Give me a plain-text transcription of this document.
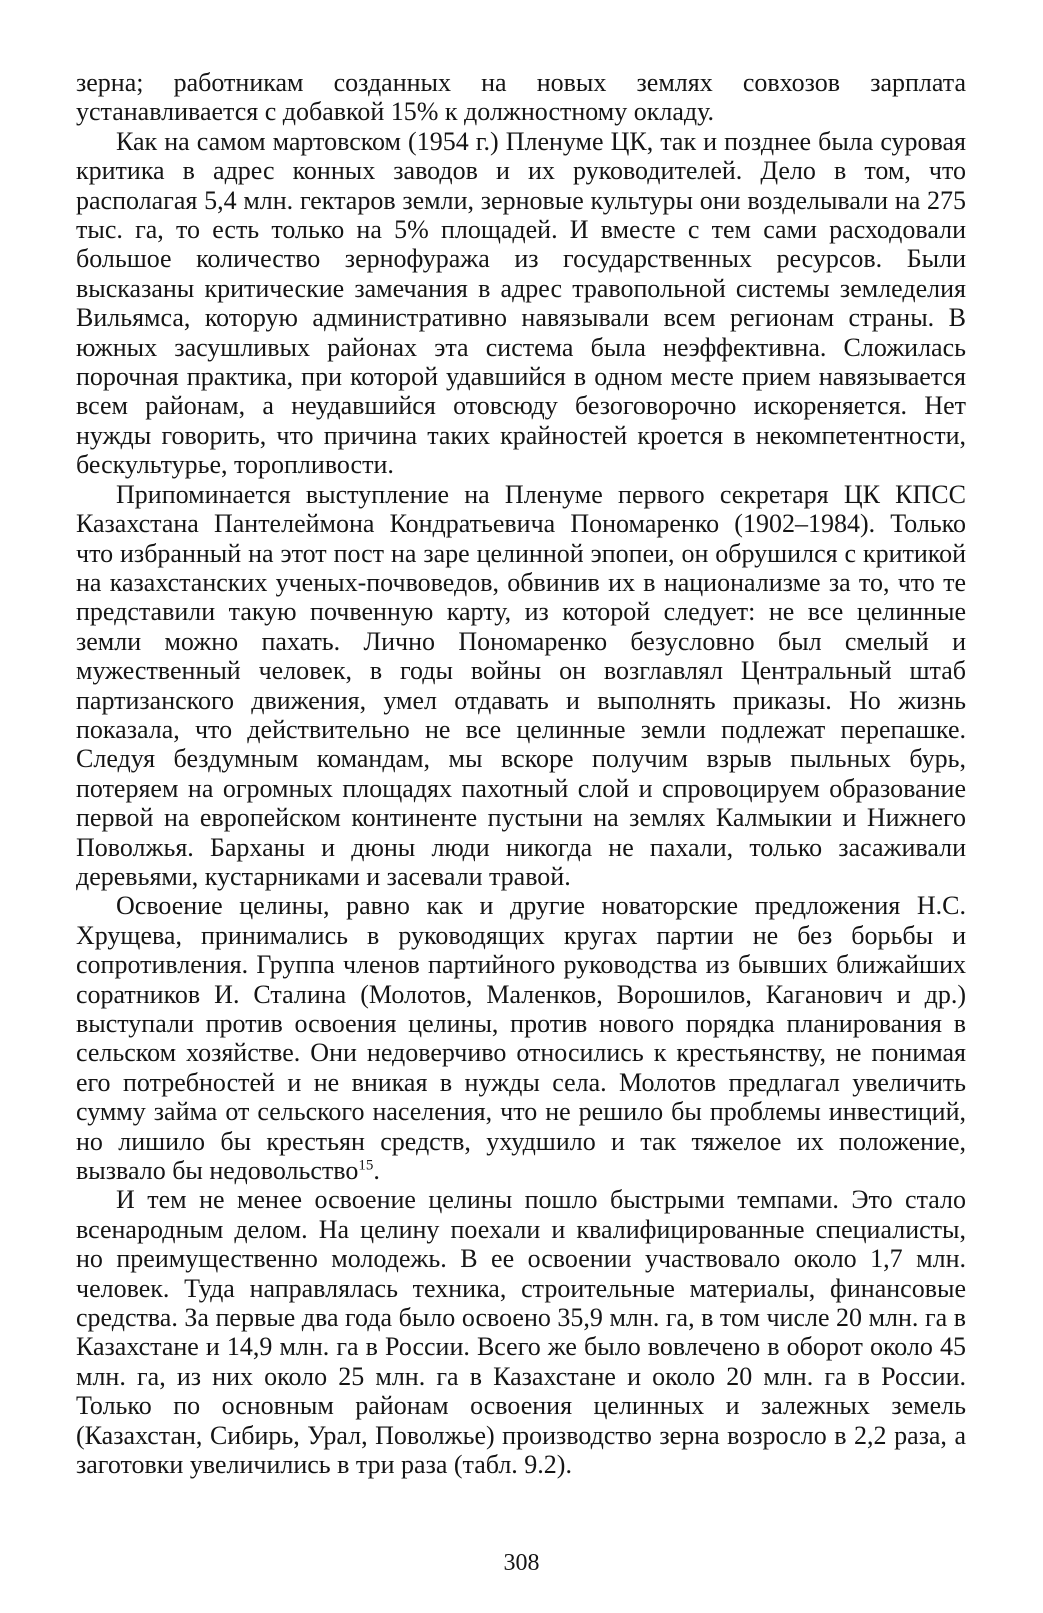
зерна; работникам созданных на новых землях совхозов зарплата устанавливается с добавкой 15% к должностному окладу.

Как на самом мартовском (1954 г.) Пленуме ЦК, так и позднее была суровая критика в адрес конных заводов и их руководителей. Дело в том, что располагая 5,4 млн. гектаров земли, зерновые культуры они возделывали на 275 тыс. га, то есть только на 5% площадей. И вместе с тем сами расходовали большое количество зернофуража из государственных ресурсов. Были высказаны критические замечания в адрес травопольной системы земледелия Вильямса, которую административно навязывали всем регионам страны. В южных засушливых районах эта система была неэффективна. Сложилась порочная практика, при которой удавшийся в одном месте прием навязывается всем районам, а неудавшийся отовсюду безоговорочно искореняется. Нет нужды говорить, что причина таких крайностей кроется в некомпетентности, бескультурье, торопливости.

Припоминается выступление на Пленуме первого секретаря ЦК КПСС Казахстана Пантелеймона Кондратьевича Пономаренко (1902–1984). Только что избранный на этот пост на заре целинной эпопеи, он обрушился с критикой на казахстанских ученых-почвоведов, обвинив их в национализме за то, что те представили такую почвенную карту, из которой следует: не все целинные земли можно пахать. Лично Пономаренко безусловно был смелый и мужественный человек, в годы войны он возглавлял Центральный штаб партизанского движения, умел отдавать и выполнять приказы. Но жизнь показала, что действительно не все целинные земли подлежат перепашке. Следуя бездумным командам, мы вскоре получим взрыв пыльных бурь, потеряем на огромных площадях пахотный слой и спровоцируем образование первой на европейском континенте пустыни на землях Калмыкии и Нижнего Поволжья. Барханы и дюны люди никогда не пахали, только засаживали деревьями, кустарниками и засевали травой.

Освоение целины, равно как и другие новаторские предложения Н.С. Хрущева, принимались в руководящих кругах партии не без борьбы и сопротивления. Группа членов партийного руководства из бывших ближайших соратников И. Сталина (Молотов, Маленков, Ворошилов, Каганович и др.) выступали против освоения целины, против нового порядка планирования в сельском хозяйстве. Они недоверчиво относились к крестьянству, не понимая его потребностей и не вникая в нужды села. Молотов предлагал увеличить сумму займа от сельского населения, что не решило бы проблемы инвестиций, но лишило бы крестьян средств, ухудшило и так тяжелое их положение, вызвало бы недовольство$^{15}$.

И тем не менее освоение целины пошло быстрыми темпами. Это стало всенародным делом. На целину поехали и квалифицированные специалисты, но преимущественно молодежь. В ее освоении участвовало около 1,7 млн. человек. Туда направлялась техника, строительные материалы, финансовые средства. За первые два года было освоено 35,9 млн. га, в том числе 20 млн. га в Казахстане и 14,9 млн. га в России. Всего же было вовлечено в оборот около 45 млн. га, из них около 25 млн. га в Казахстане и около 20 млн. га в России. Только по основным районам освоения целинных и залежных земель (Казахстан, Сибирь, Урал, Поволжье) производство зерна возросло в 2,2 раза, а заготовки увеличились в три раза (табл. 9.2).

308
